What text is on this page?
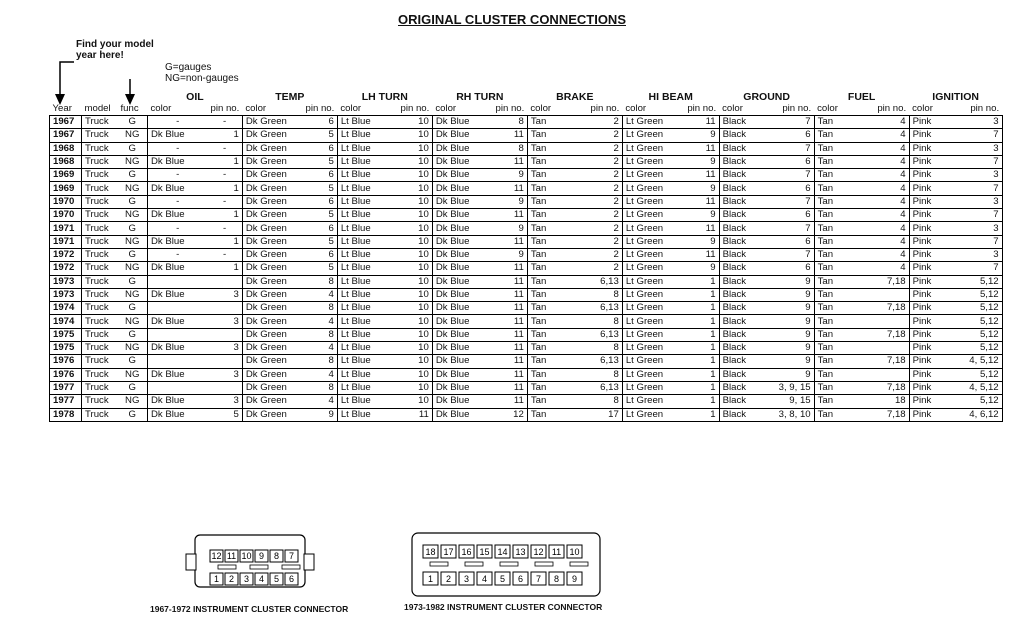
ORIGINAL CLUSTER CONNECTIONS
Find your model
year here!
G=gauges
NG=non-gauges
			OIL		TEMP		LH TURN		RH TURN		BRAKE		HI BEAM		GROUND		FUEL		IGNITION	
Year	model	func	color	pin no.	color	pin no.	color	pin no.	color	pin no.	color	pin no.	color	pin no.	color	pin no.	color	pin no.	color	pin no.
1967	Truck	G	-	-	Dk Green	6	Lt Blue	10	Dk Blue	8	Tan	2	Lt Green	11	Black	7	Tan	4	Pink	3
1967	Truck	NG	Dk Blue	1	Dk Green	5	Lt Blue	10	Dk Blue	11	Tan	2	Lt Green	9	Black	6	Tan	4	Pink	7
1968	Truck	G	-	-	Dk Green	6	Lt Blue	10	Dk Blue	8	Tan	2	Lt Green	11	Black	7	Tan	4	Pink	3
1968	Truck	NG	Dk Blue	1	Dk Green	5	Lt Blue	10	Dk Blue	11	Tan	2	Lt Green	9	Black	6	Tan	4	Pink	7
1969	Truck	G	-	-	Dk Green	6	Lt Blue	10	Dk Blue	9	Tan	2	Lt Green	11	Black	7	Tan	4	Pink	3
1969	Truck	NG	Dk Blue	1	Dk Green	5	Lt Blue	10	Dk Blue	11	Tan	2	Lt Green	9	Black	6	Tan	4	Pink	7
1970	Truck	G	-	-	Dk Green	6	Lt Blue	10	Dk Blue	9	Tan	2	Lt Green	11	Black	7	Tan	4	Pink	3
1970	Truck	NG	Dk Blue	1	Dk Green	5	Lt Blue	10	Dk Blue	11	Tan	2	Lt Green	9	Black	6	Tan	4	Pink	7
1971	Truck	G	-	-	Dk Green	6	Lt Blue	10	Dk Blue	9	Tan	2	Lt Green	11	Black	7	Tan	4	Pink	3
1971	Truck	NG	Dk Blue	1	Dk Green	5	Lt Blue	10	Dk Blue	11	Tan	2	Lt Green	9	Black	6	Tan	4	Pink	7
1972	Truck	G	-	-	Dk Green	6	Lt Blue	10	Dk Blue	9	Tan	2	Lt Green	11	Black	7	Tan	4	Pink	3
1972	Truck	NG	Dk Blue	1	Dk Green	5	Lt Blue	10	Dk Blue	11	Tan	2	Lt Green	9	Black	6	Tan	4	Pink	7
1973	Truck	G			Dk Green	8	Lt Blue	10	Dk Blue	11	Tan	6,13	Lt Green	1	Black	9	Tan	7,18	Pink	5,12
1973	Truck	NG	Dk Blue	3	Dk Green	4	Lt Blue	10	Dk Blue	11	Tan	8	Lt Green	1	Black	9	Tan		Pink	5,12
1974	Truck	G			Dk Green	8	Lt Blue	10	Dk Blue	11	Tan	6,13	Lt Green	1	Black	9	Tan	7,18	Pink	5,12
1974	Truck	NG	Dk Blue	3	Dk Green	4	Lt Blue	10	Dk Blue	11	Tan	8	Lt Green	1	Black	9	Tan		Pink	5,12
1975	Truck	G			Dk Green	8	Lt Blue	10	Dk Blue	11	Tan	6,13	Lt Green	1	Black	9	Tan	7,18	Pink	5,12
1975	Truck	NG	Dk Blue	3	Dk Green	4	Lt Blue	10	Dk Blue	11	Tan	8	Lt Green	1	Black	9	Tan		Pink	5,12
1976	Truck	G			Dk Green	8	Lt Blue	10	Dk Blue	11	Tan	6,13	Lt Green	1	Black	9	Tan	7,18	Pink	4, 5,12
1976	Truck	NG	Dk Blue	3	Dk Green	4	Lt Blue	10	Dk Blue	11	Tan	8	Lt Green	1	Black	9	Tan		Pink	5,12
1977	Truck	G			Dk Green	8	Lt Blue	10	Dk Blue	11	Tan	6,13	Lt Green	1	Black	3, 9, 15	Tan	7,18	Pink	4, 5,12
1977	Truck	NG	Dk Blue	3	Dk Green	4	Lt Blue	10	Dk Blue	11	Tan	8	Lt Green	1	Black	9, 15	Tan	18	Pink	5,12
1978	Truck	G	Dk Blue	5	Dk Green	9	Lt Blue	11	Dk Blue	12	Tan	17	Lt Green	1	Black	3, 8, 10	Tan	7,18	Pink	4, 6,12
12 11 10 9 8 7
1 2 3 4 5 6
1967-1972 INSTRUMENT CLUSTER CONNECTOR
18 17 16 15 14 13 12 11 10
1 2 3 4 5 6 7 8 9
1973-1982 INSTRUMENT CLUSTER CONNECTOR
